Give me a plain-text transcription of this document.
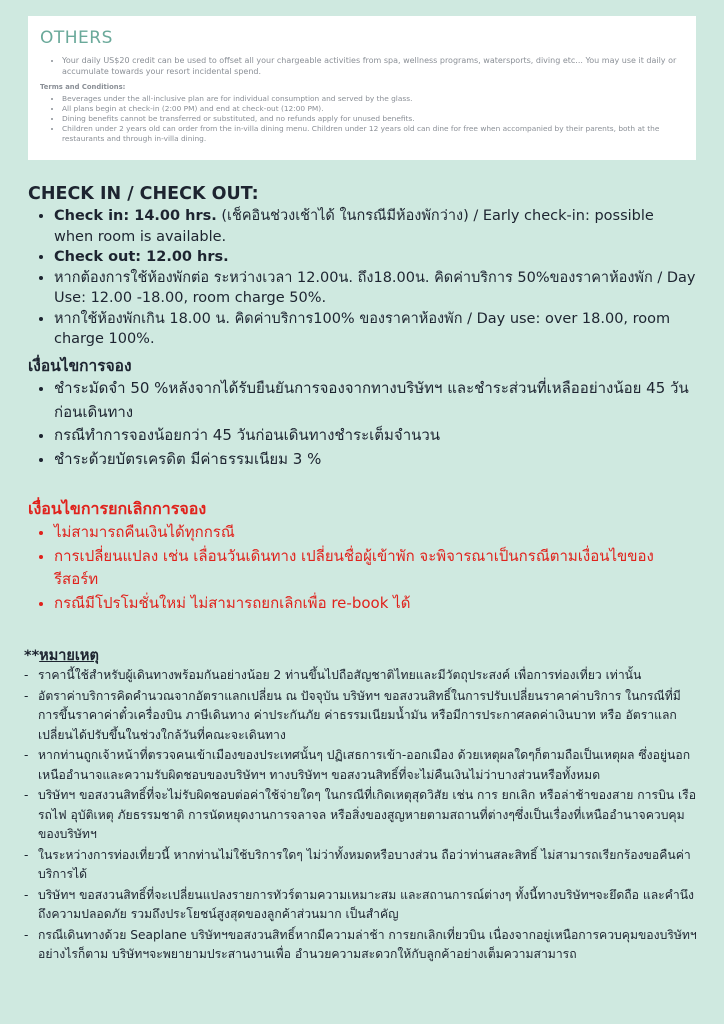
OTHERS
• Your daily US$20 credit can be used to offset all your chargeable activities from spa, wellness programs, watersports, diving etc... You may use it daily or accumulate towards your resort incidental spend.
Terms and Conditions:
• Beverages under the all-inclusive plan are for individual consumption and served by the glass.
• All plans begin at check-in (2:00 PM) and end at check-out (12:00 PM).
• Dining benefits cannot be transferred or substituted, and no refunds apply for unused benefits.
• Children under 2 years old can order from the in-villa dining menu. Children under 12 years old can dine for free when accompanied by their parents, both at the restaurants and through in-villa dining.
CHECK IN / CHECK OUT:
• Check in: 14.00 hrs. (เช็คอินช่วงเช้าได้ ในกรณีมีห้องพักว่าง) / Early check-in: possible when room is available.
• Check out: 12.00 hrs.
• หากต้องการใช้ห้องพักต่อ ระหว่างเวลา 12.00น. ถึง18.00น. คิดค่าบริการ 50%ของราคาห้องพัก / Day Use: 12.00 -18.00, room charge 50%.
• หากใช้ห้องพักเกิน 18.00 น. คิดค่าบริการ100% ของราคาห้องพัก / Day use: over 18.00, room charge 100%.
เงื่อนไขการจอง
• ชำระมัดจำ 50 %หลังจากได้รับยืนยันการจองจากทางบริษัทฯ และชำระส่วนที่เหลืออย่างน้อย 45 วันก่อนเดินทาง
• กรณีทำการจองน้อยกว่า 45 วันก่อนเดินทางชำระเต็มจำนวน
• ชำระด้วยบัตรเครดิต มีค่าธรรมเนียม 3 %
เงื่อนไขการยกเลิกการจอง
• ไม่สามารถคืนเงินได้ทุกกรณี
• การเปลี่ยนแปลง เช่น เลื่อนวันเดินทาง เปลี่ยนชื่อผู้เข้าพัก จะพิจารณาเป็นกรณีตามเงื่อนไขของรีสอร์ท
• กรณีมีโปรโมชั่นใหม่ ไม่สามารถยกเลิกเพื่อ re-book ได้
**หมายเหตุ
- ราคานี้ใช้สำหรับผู้เดินทางพร้อมกันอย่างน้อย 2 ท่านขึ้นไปถือสัญชาติไทยและมีวัตถุประสงค์ เพื่อการท่องเที่ยว เท่านั้น
- อัตราค่าบริการคิดคำนวณจากอัตราแลกเปลี่ยน ณ ปัจจุบัน บริษัทฯ ขอสงวนสิทธิ์ในการปรับเปลี่ยนราคาค่าบริการ ในกรณีที่มีการขึ้นราคาค่าตั๋วเครื่องบิน ภาษีเดินทาง ค่าประกันภัย ค่าธรรมเนียมน้ำมัน หรือมีการประกาศลดค่าเงินบาท หรือ อัตราแลกเปลี่ยนได้ปรับขึ้นในช่วงใกล้วันที่คณะจะเดินทาง
- หากท่านถูกเจ้าหน้าที่ตรวจคนเข้าเมืองของประเทศนั้นๆ ปฏิเสธการเข้า-ออกเมือง ด้วยเหตุผลใดๆก็ตามถือเป็นเหตุผล ซึ่งอยู่นอกเหนืออำนาจและความรับผิดชอบของบริษัทฯ ทางบริษัทฯ ขอสงวนสิทธิ์ที่จะไม่คืนเงินไม่ว่าบางส่วนหรือทั้งหมด
- บริษัทฯ ขอสงวนสิทธิ์ที่จะไม่รับผิดชอบต่อค่าใช้จ่ายใดๆ ในกรณีที่เกิดเหตุสุดวิสัย เช่น การ ยกเลิก หรือล่าช้าของสาย การบิน เรือ รถไฟ อุบัติเหตุ ภัยธรรมชาติ การนัดหยุดงานการจลาจล หรือสิ่งของสูญหายตามสถานที่ต่างๆซึ่งเป็นเรื่องที่เหนืออำนาจควบคุมของบริษัทฯ
- ในระหว่างการท่องเที่ยวนี้ หากท่านไม่ใช้บริการใดๆ ไม่ว่าทั้งหมดหรือบางส่วน ถือว่าท่านสละสิทธิ์ ไม่สามารถเรียกร้องขอคืนค่าบริการได้
- บริษัทฯ ขอสงวนสิทธิ์ที่จะเปลี่ยนแปลงรายการทัวร์ตามความเหมาะสม และสถานการณ์ต่างๆ ทั้งนี้ทางบริษัทฯจะยึดถือ และคำนึงถึงความปลอดภัย รวมถึงประโยชน์สูงสุดของลูกค้าส่วนมาก เป็นสำคัญ
- กรณีเดินทางด้วย Seaplane บริษัทฯขอสงวนสิทธิ์หากมีความล่าช้า การยกเลิกเที่ยวบิน เนื่องจากอยู่เหนือการควบคุมของบริษัทฯ อย่างไรก็ตาม บริษัทฯจะพยายามประสานงานเพื่อ อำนวยความสะดวกให้กับลูกค้าอย่างเต็มความสามารถ
